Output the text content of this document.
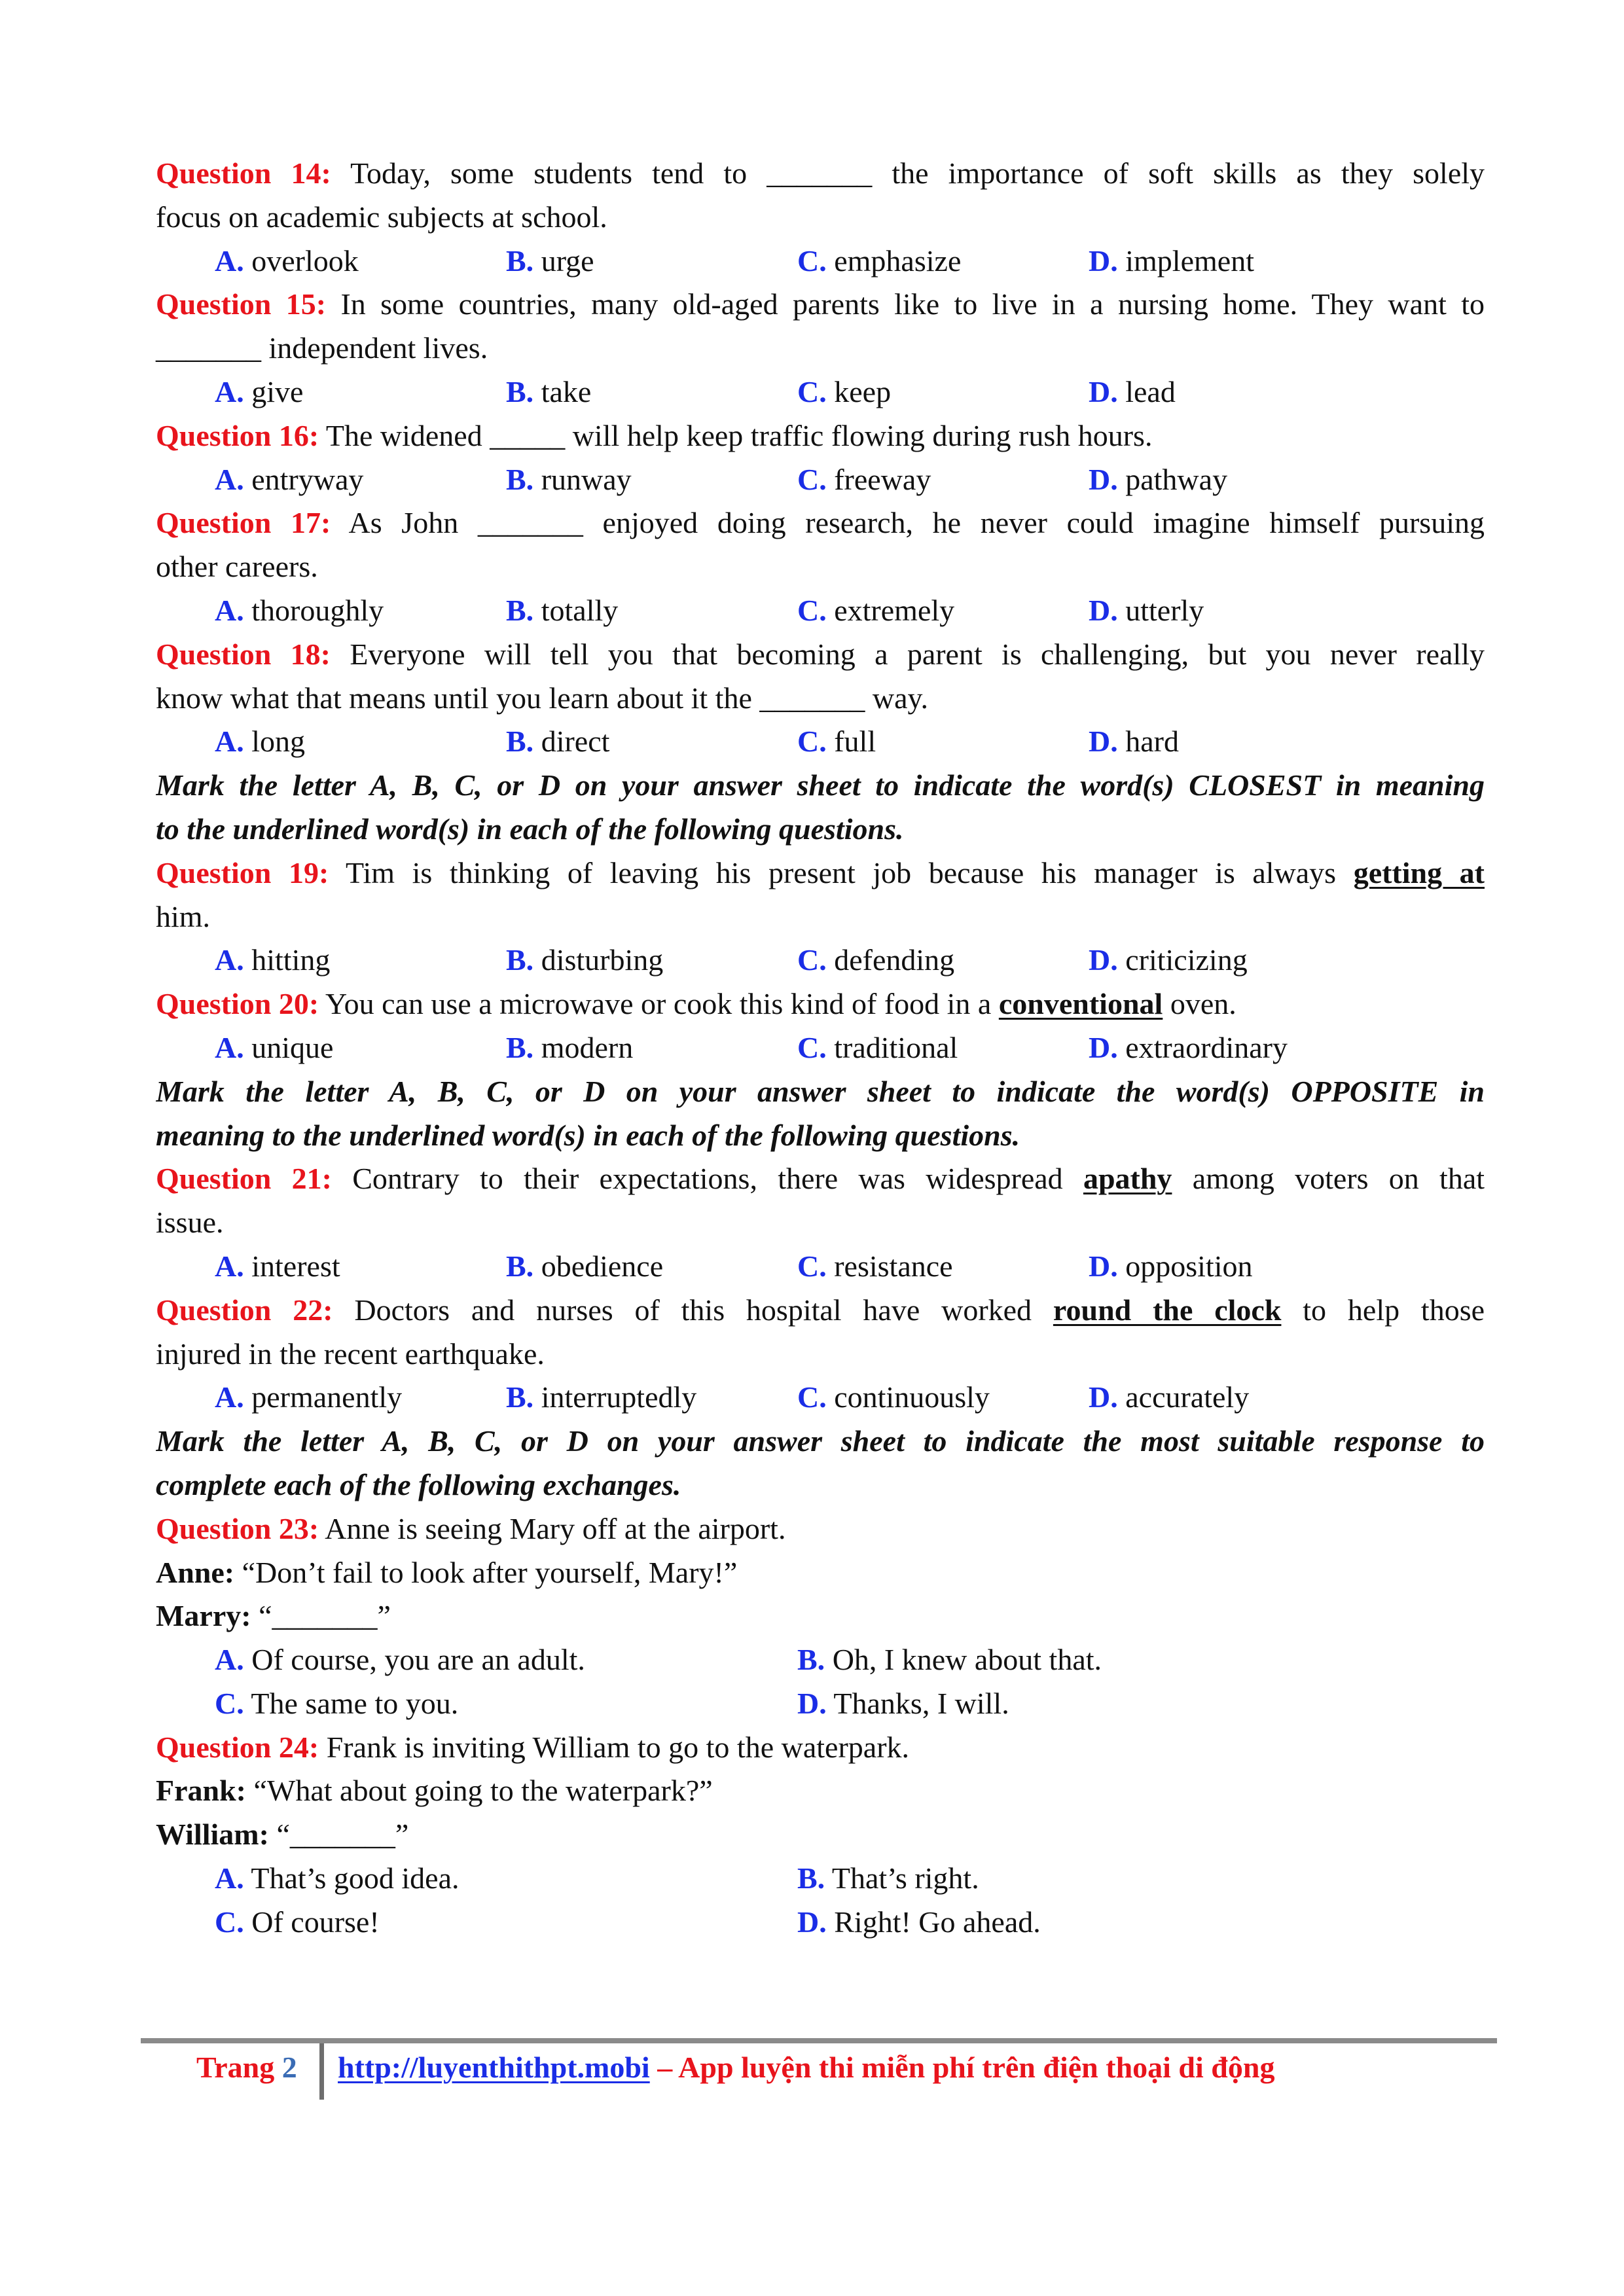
Question 14: Today, some students tend to _______ the importance of soft skills as they solely
focus on academic subjects at school.
A. overlook	B. urge	C. emphasize	D. implement
Question 15: In some countries, many old-aged parents like to live in a nursing home. They want to
_______ independent lives.
A. give	B. take	C. keep	D. lead
Question 16: The widened _____ will help keep traffic flowing during rush hours.
A. entryway	B. runway	C. freeway	D. pathway
Question 17: As John _______ enjoyed doing research, he never could imagine himself pursuing
other careers.
A. thoroughly	B. totally	C. extremely	D. utterly
Question 18: Everyone will tell you that becoming a parent is challenging, but you never really
know what that means until you learn about it the _______ way.
A. long	B. direct	C. full	D. hard
Mark the letter A, B, C, or D on your answer sheet to indicate the word(s) CLOSEST in meaning
to the underlined word(s) in each of the following questions.
Question 19: Tim is thinking of leaving his present job because his manager is always getting at
him.
A. hitting	B. disturbing	C. defending	D. criticizing
Question 20: You can use a microwave or cook this kind of food in a conventional oven.
A. unique	B. modern	C. traditional	D. extraordinary
Mark the letter A, B, C, or D on your answer sheet to indicate the word(s) OPPOSITE in
meaning to the underlined word(s) in each of the following questions.
Question 21: Contrary to their expectations, there was widespread apathy among voters on that
issue.
A. interest	B. obedience	C. resistance	D. opposition
Question 22: Doctors and nurses of this hospital have worked round the clock to help those
injured in the recent earthquake.
A. permanently	B. interruptedly	C. continuously	D. accurately
Mark the letter A, B, C, or D on your answer sheet to indicate the most suitable response to
complete each of the following exchanges.
Question 23: Anne is seeing Mary off at the airport.
Anne: “Don’t fail to look after yourself, Mary!”
Marry: “_______”
A. Of course, you are an adult.	B. Oh, I knew about that.
C. The same to you.	D. Thanks, I will.
Question 24: Frank is inviting William to go to the waterpark.
Frank: “What about going to the waterpark?”
William: “_______”
A. That’s good idea.	B. That’s right.
C. Of course!	D. Right! Go ahead.
Trang 2 http://luyenthithpt.mobi – App luyện thi miễn phí trên điện thoại di động
